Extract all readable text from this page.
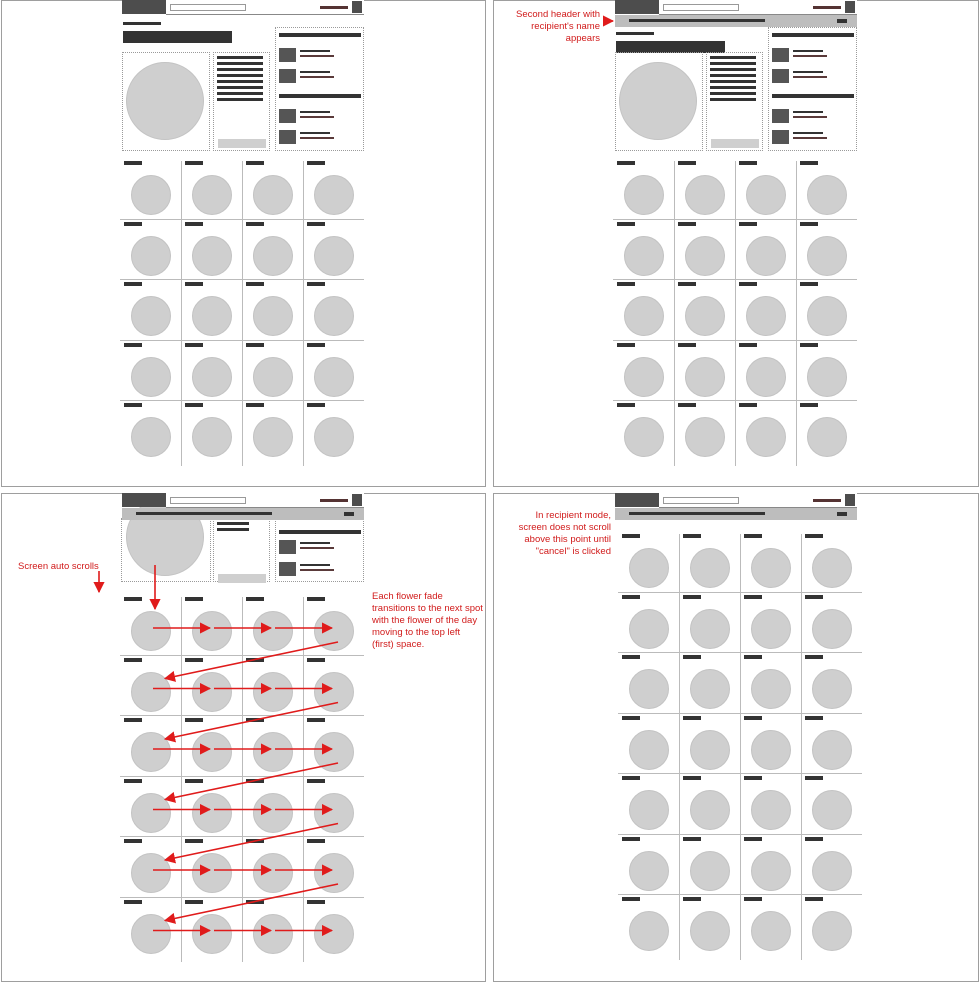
Second header with recipient's name appears
Screen auto scrolls
Each flower fade transitions to the next spot with the flower of the day moving to the top left (first) space.
In recipient mode, screen does not scroll above this point until "cancel" is clicked
